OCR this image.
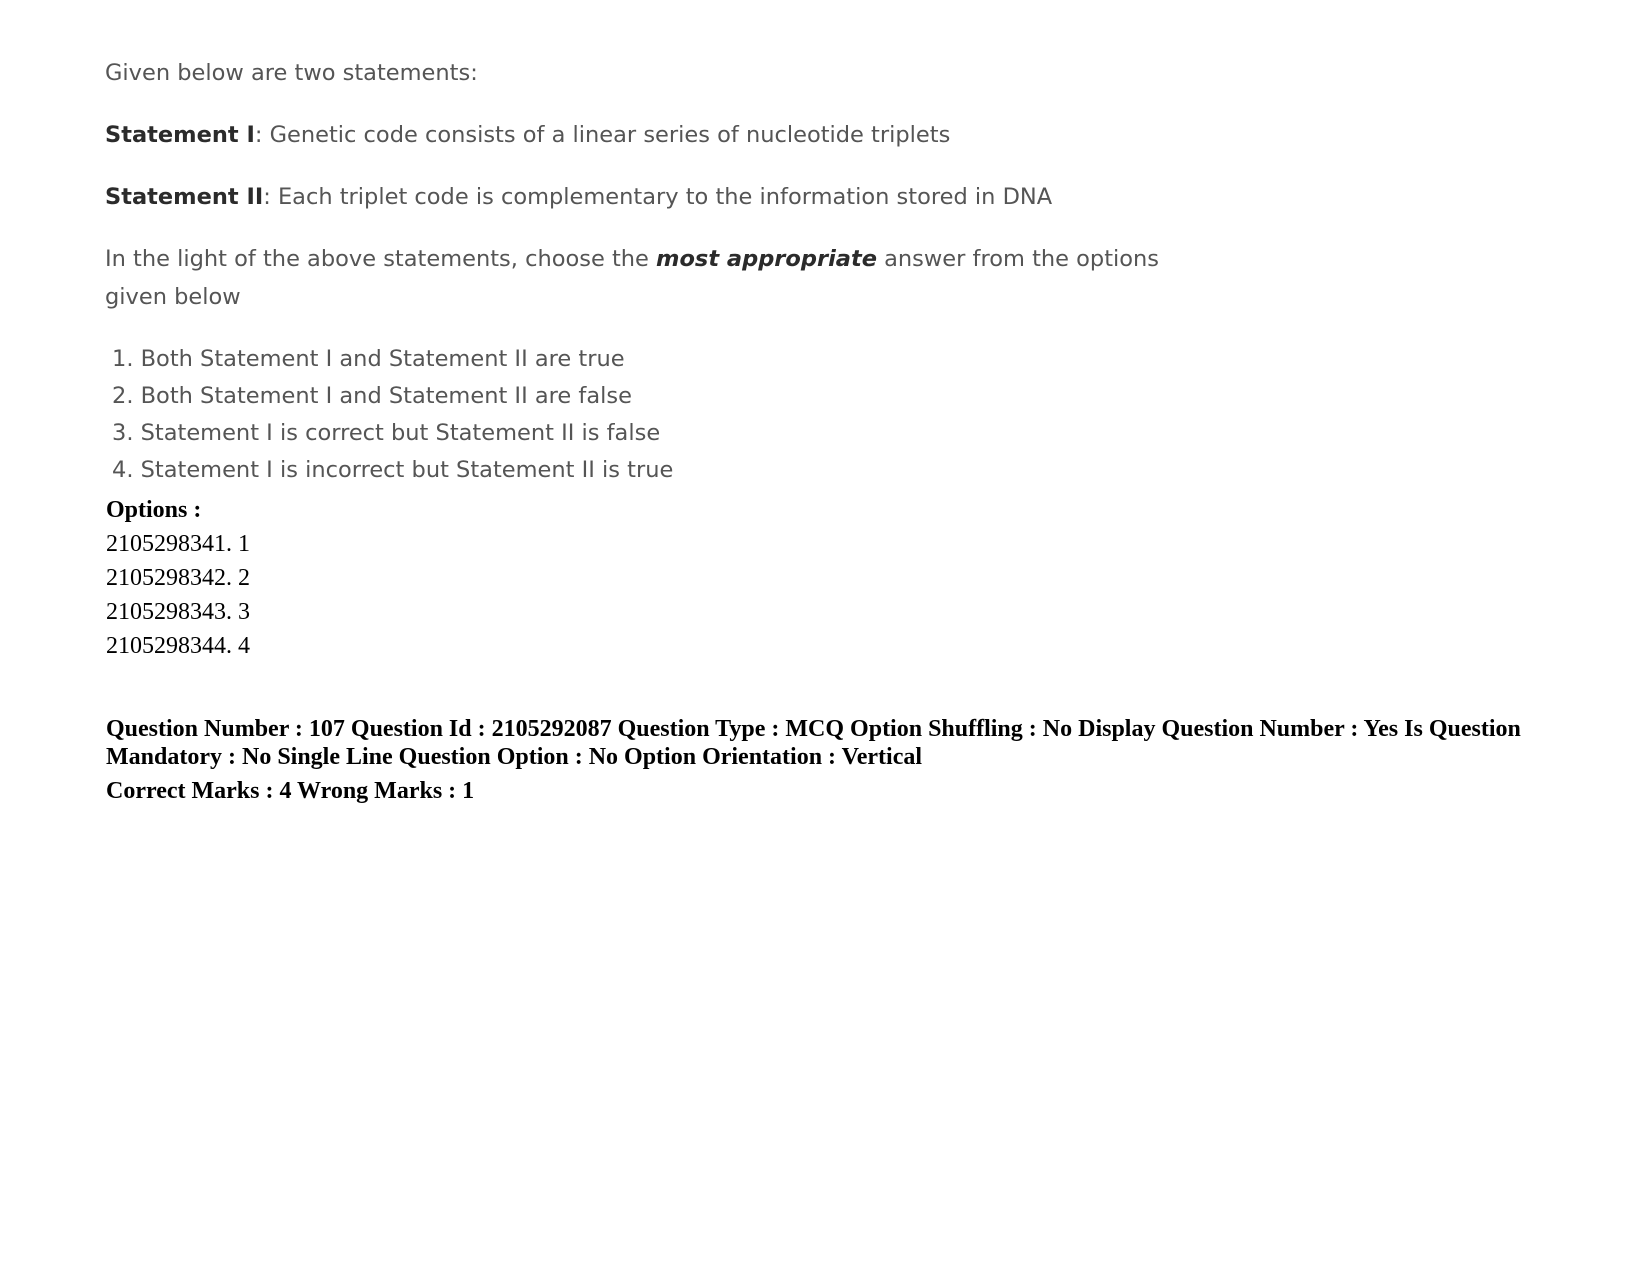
Given below are two statements:
Statement I: Genetic code consists of a linear series of nucleotide triplets
Statement II: Each triplet code is complementary to the information stored in DNA
In the light of the above statements, choose the most appropriate answer from the options
given below
1. Both Statement I and Statement II are true
2. Both Statement I and Statement II are false
3. Statement I is correct but Statement II is false
4. Statement I is incorrect but Statement II is true
Options :
2105298341. 1
2105298342. 2
2105298343. 3
2105298344. 4
Question Number : 107 Question Id : 2105292087 Question Type : MCQ Option Shuffling : No Display Question Number : Yes Is Question Mandatory : No Single Line Question Option : No Option Orientation : Vertical
Correct Marks : 4 Wrong Marks : 1
